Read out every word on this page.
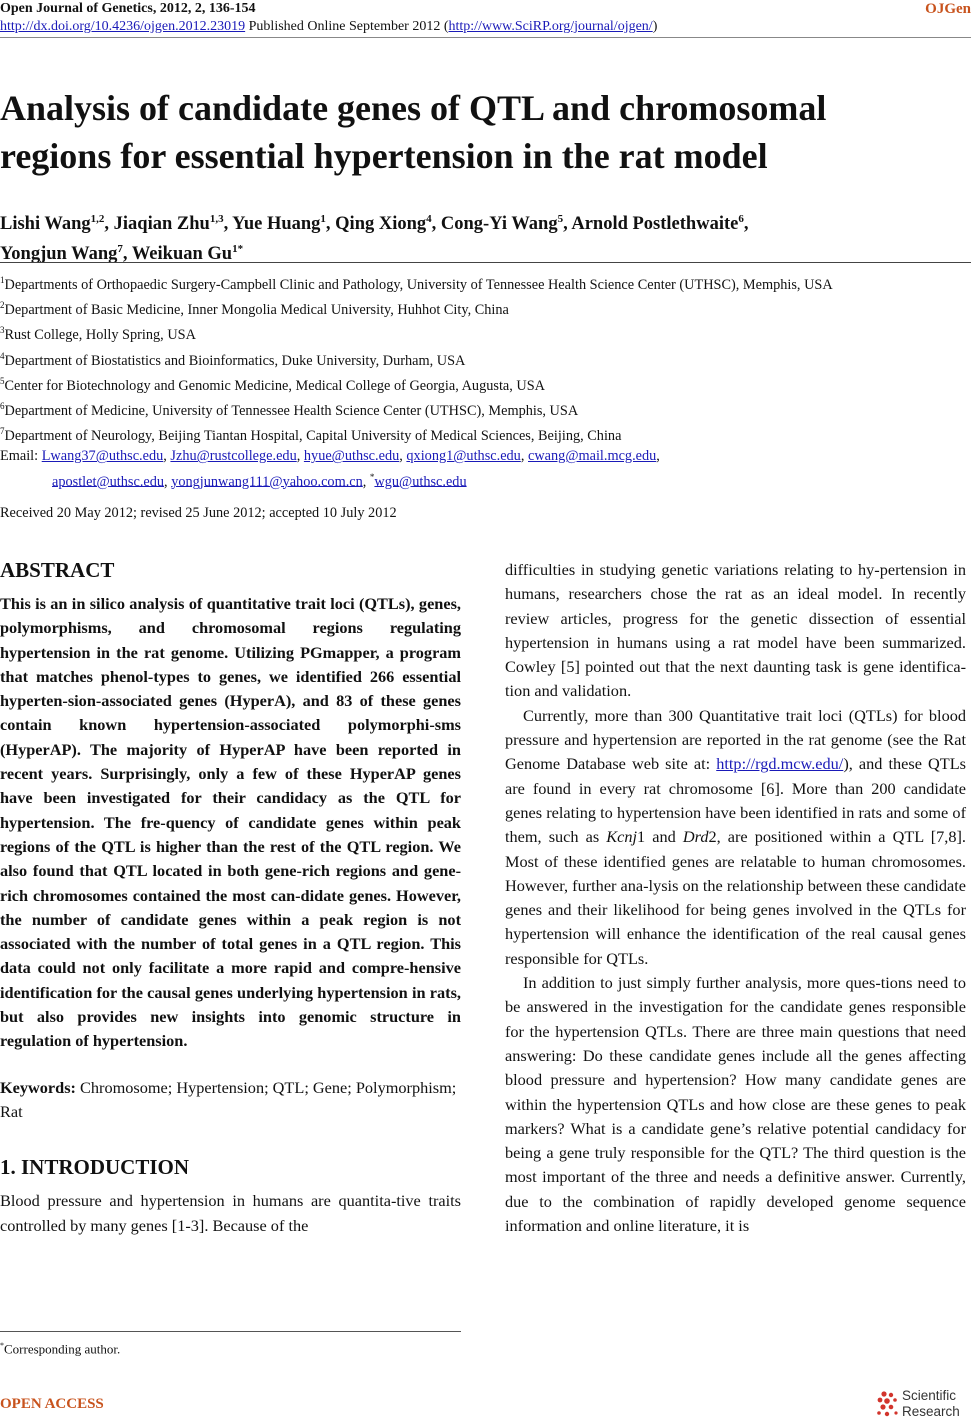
Open Journal of Genetics, 2012, 2, 136-154
http://dx.doi.org/10.4236/ojgen.2012.23019 Published Online September 2012 (http://www.SciRP.org/journal/ojgen/)
OJGen
Analysis of candidate genes of QTL and chromosomal
regions for essential hypertension in the rat model
Lishi Wang$^{1,2}$, Jiaqian Zhu$^{1,3}$, Yue Huang$^1$, Qing Xiong$^4$, Cong-Yi Wang$^5$, Arnold Postlethwaite$^6$,
Yongjun Wang$^7$, Weikuan $Gu^{1*}$
$^1$Departments of Orthopaedic Surgery-Campbell Clinic and Pathology, University of Tennessee Health Science Center (UTHSC), Memphis, USA
$^2$Department of Basic Medicine, Inner Mongolia Medical University, Huhhot City, China
$^3$Rust College, Holly Spring, USA
$^4$Department of Biostatistics and Bioinformatics, Duke University, Durham, USA
$^5$Center for Biotechnology and Genomic Medicine, Medical College of Georgia, Augusta, USA
$^6$Department of Medicine, University of Tennessee Health Science Center (UTHSC), Memphis, USA
$^7$Department of Neurology, Beijing Tiantan Hospital, Capital University of Medical Sciences, Beijing, China
Email: Lwang37@uthsc.edu, Jzhu@rustcollege.edu, hyue@uthsc.edu, qxiong1@uthsc.edu, cwang@mail.mcg.edu,
apostlet@uthsc.edu, yongjunwang111@yahoo.com.cn, *wgu@uthsc.edu
Received 20 May 2012; revised 25 June 2012; accepted 10 July 2012
ABSTRACT

This is an in silico analysis of quantitative trait loci (QTLs), genes, polymorphisms, and chromosomal regions regulating hypertension in the rat genome. Utilizing PGmapper, a program that matches phenol-types to genes, we identified 266 essential hyperten-sion-associated genes (HyperA), and 83 of these genes contain known hypertension-associated polymorphi-sms (HyperAP). The majority of HyperAP have been reported in recent years. Surprisingly, only a few of these HyperAP genes have been investigated for their candidacy as the QTL for hypertension. The fre-quency of candidate genes within peak regions of the QTL is higher than the rest of the QTL region. We also found that QTL located in both gene-rich regions and gene-rich chromosomes contained the most can-didate genes. However, the number of candidate genes within a peak region is not associated with the number of total genes in a QTL region. This data could not only facilitate a more rapid and compre-hensive identification for the causal genes underlying hypertension in rats, but also provides new insights into genomic structure in regulation of hypertension.

Keywords: Chromosome; Hypertension; QTL; Gene; Polymorphism; Rat

1. INTRODUCTION

Blood pressure and hypertension in humans are quantita-tive traits controlled by many genes [1-3]. Because of the

difficulties in studying genetic variations relating to hy-pertension in humans, researchers chose the rat as an ideal model. In recently review articles, progress for the genetic dissection of essential hypertension in humans using a rat model have been summarized. Cowley [5] pointed out that the next daunting task is gene identifica-tion and validation.

Currently, more than 300 Quantitative trait loci (QTLs) for blood pressure and hypertension are reported in the rat genome (see the Rat Genome Database web site at: http://rgd.mcw.edu/), and these QTLs are found in every rat chromosome [6]. More than 200 candidate genes relating to hypertension have been identified in rats and some of them, such as Kcnj1 and Drd2, are positioned within a QTL [7,8]. Most of these identified genes are relatable to human chromosomes. However, further ana-lysis on the relationship between these candidate genes and their likelihood for being genes involved in the QTLs for hypertension will enhance the identification of the real causal genes responsible for QTLs.

In addition to just simply further analysis, more ques-tions need to be answered in the investigation for the candidate genes responsible for the hypertension QTLs. There are three main questions that need answering: Do these candidate genes include all the genes affecting blood pressure and hypertension? How many candidate genes are within the hypertension QTLs and how close are these genes to peak markers? What is a candidate gene’s relative potential candidacy for being a gene truly responsible for the QTL? The third question is the most important of the three and needs a definitive answer. Currently, due to the combination of rapidly developed genome sequence information and online literature, it is

*Corresponding author.
OPEN ACCESS
Scientific
Research
